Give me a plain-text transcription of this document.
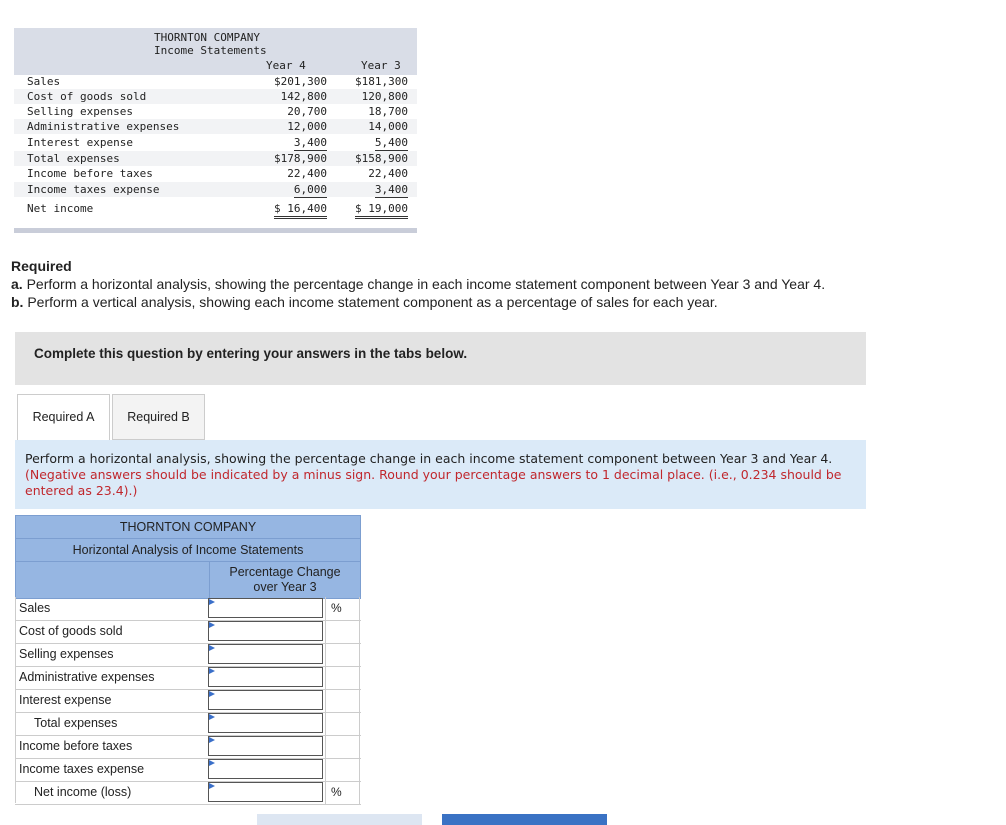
THORNTON COMPANY
Income Statements
Year 4	Year 3
Sales	$201,300	$181,300
Cost of goods sold	142,800	120,800
Selling expenses	20,700	18,700
Administrative expenses	12,000	14,000
Interest expense	3,400	5,400
Total expenses	$178,900	$158,900
Income before taxes	22,400	22,400
Income taxes expense	6,000	3,400
Net income	$ 16,400	$ 19,000

Required

a. Perform a horizontal analysis, showing the percentage change in each income statement component between Year 3 and Year 4.

b. Perform a vertical analysis, showing each income statement component as a percentage of sales for each year.

Complete this question by entering your answers in the tabs below.
Required A	Required B
Perform a horizontal analysis, showing the percentage change in each income statement component between Year 3 and Year 4. (Negative answers should be indicated by a minus sign. Round your percentage answers to 1 decimal place. (i.e., 0.234 should be entered as 23.4).)
THORNTON COMPANY
Horizontal Analysis of Income Statements
Percentage Change
over Year 3
Sales	%
Cost of goods sold
Selling expenses
Administrative expenses
Interest expense
Total expenses
Income before taxes
Income taxes expense
Net income (loss)	%
